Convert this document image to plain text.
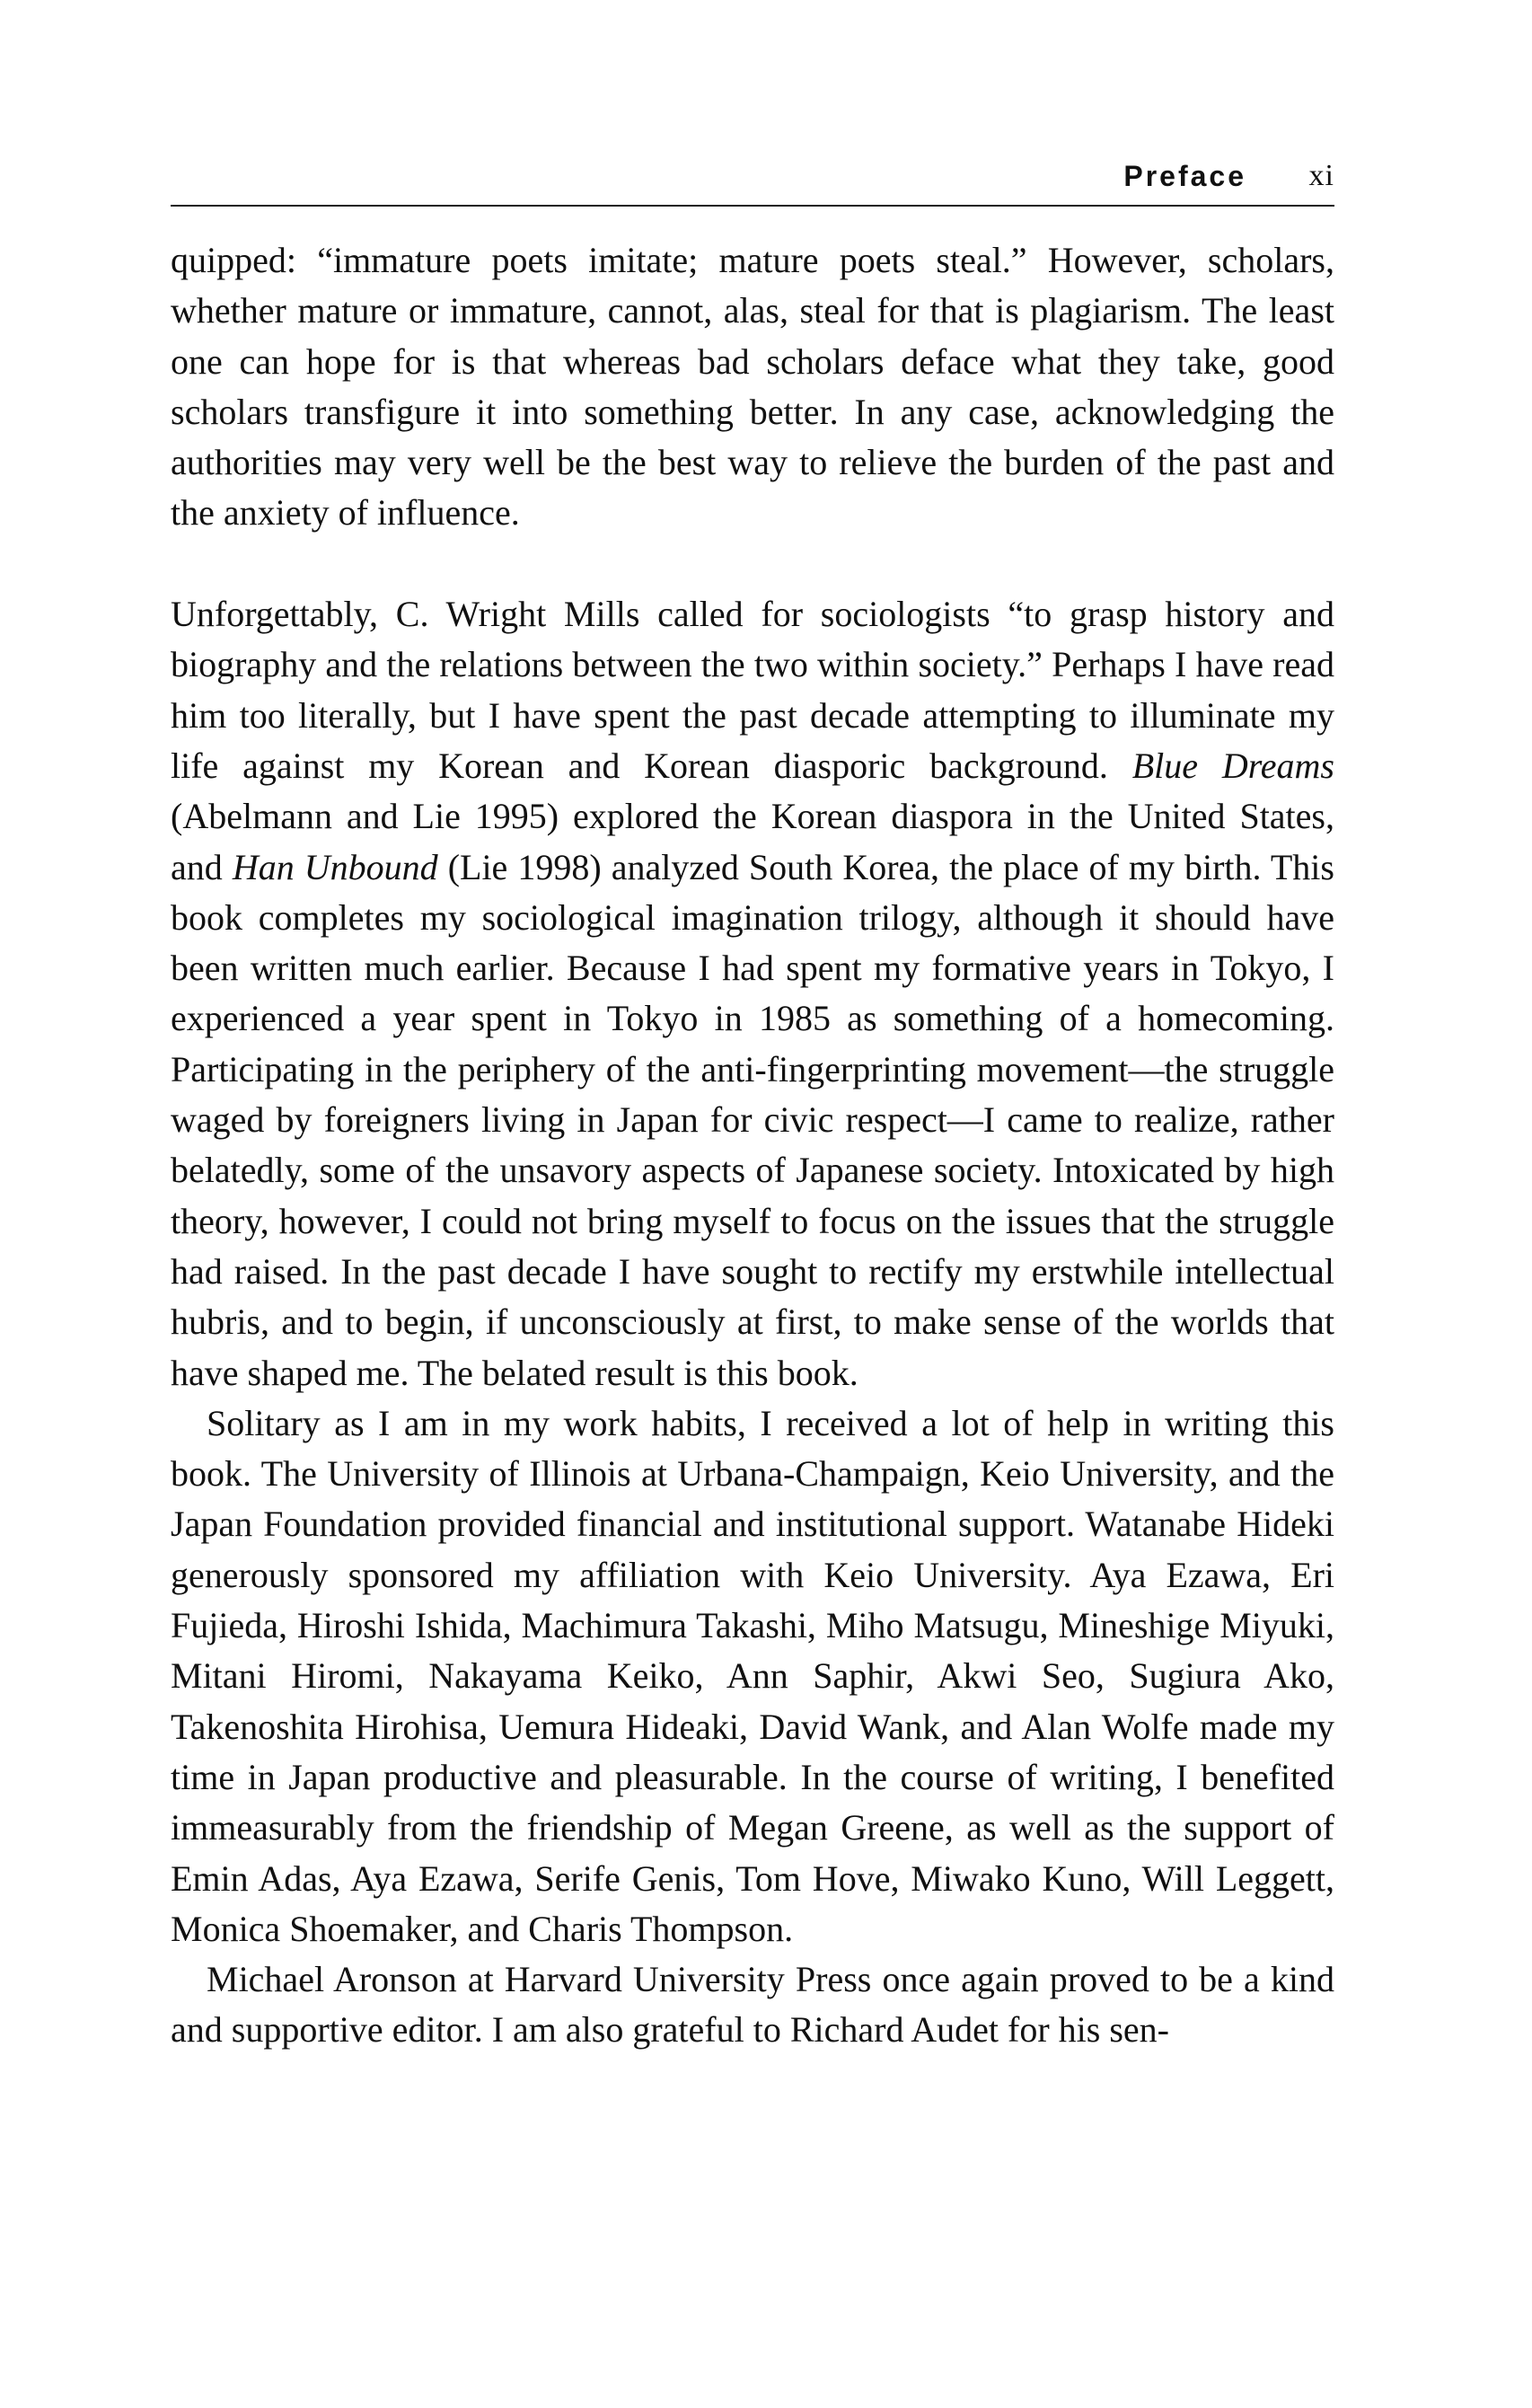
Preface xi

quipped: “immature poets imitate; mature poets steal.” However, scholars, whether mature or immature, cannot, alas, steal for that is plagiarism. The least one can hope for is that whereas bad scholars deface what they take, good scholars transfigure it into something better. In any case, acknowledging the authorities may very well be the best way to relieve the burden of the past and the anxiety of influence.

Unforgettably, C. Wright Mills called for sociologists “to grasp history and biography and the relations between the two within society.” Perhaps I have read him too literally, but I have spent the past decade attempting to illuminate my life against my Korean and Korean diasporic background. Blue Dreams (Abelmann and Lie 1995) explored the Korean diaspora in the United States, and Han Unbound (Lie 1998) analyzed South Korea, the place of my birth. This book completes my sociological imagination trilogy, although it should have been written much earlier. Because I had spent my formative years in Tokyo, I experienced a year spent in Tokyo in 1985 as something of a homecoming. Participating in the periphery of the anti-fingerprinting movement—the struggle waged by foreigners living in Japan for civic respect—I came to realize, rather belatedly, some of the unsavory aspects of Japanese society. Intoxicated by high theory, however, I could not bring myself to focus on the issues that the struggle had raised. In the past decade I have sought to rectify my erstwhile intellectual hubris, and to begin, if unconsciously at first, to make sense of the worlds that have shaped me. The belated result is this book.

Solitary as I am in my work habits, I received a lot of help in writing this book. The University of Illinois at Urbana-Champaign, Keio University, and the Japan Foundation provided financial and institutional support. Watanabe Hideki generously sponsored my affiliation with Keio University. Aya Ezawa, Eri Fujieda, Hiroshi Ishida, Machimura Takashi, Miho Matsugu, Mineshige Miyuki, Mitani Hiromi, Nakayama Keiko, Ann Saphir, Akwi Seo, Sugiura Ako, Takenoshita Hirohisa, Uemura Hideaki, David Wank, and Alan Wolfe made my time in Japan productive and pleasurable. In the course of writing, I benefited immeasurably from the friendship of Megan Greene, as well as the support of Emin Adas, Aya Ezawa, Serife Genis, Tom Hove, Miwako Kuno, Will Leggett, Monica Shoemaker, and Charis Thompson.

Michael Aronson at Harvard University Press once again proved to be a kind and supportive editor. I am also grateful to Richard Audet for his sen-
